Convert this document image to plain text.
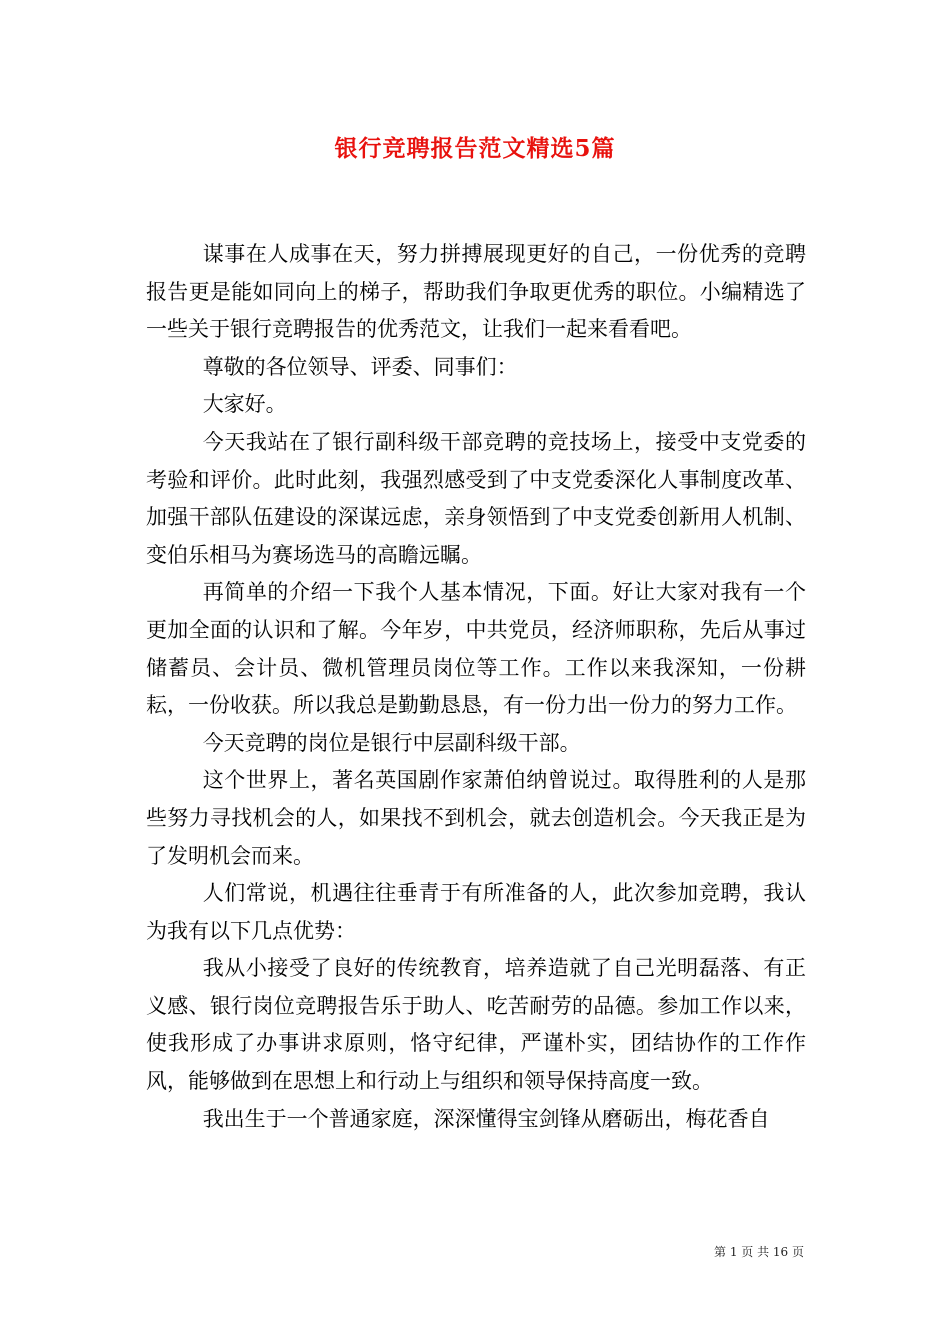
银行竞聘报告范文精选5篇

谋事在人成事在天，努力拼搏展现更好的自己，一份优秀的竞聘报告更是能如同向上的梯子，帮助我们争取更优秀的职位。小编精选了一些关于银行竞聘报告的优秀范文，让我们一起来看看吧。

尊敬的各位领导、评委、同事们：

大家好。

今天我站在了银行副科级干部竞聘的竞技场上，接受中支党委的考验和评价。此时此刻，我强烈感受到了中支党委深化人事制度改革、加强干部队伍建设的深谋远虑，亲身领悟到了中支党委创新用人机制、变伯乐相马为赛场选马的高瞻远瞩。

再简单的介绍一下我个人基本情况，下面。好让大家对我有一个更加全面的认识和了解。今年岁，中共党员，经济师职称，先后从事过储蓄员、会计员、微机管理员岗位等工作。工作以来我深知，一份耕耘，一份收获。所以我总是勤勤恳恳，有一份力出一份力的努力工作。

今天竞聘的岗位是银行中层副科级干部。

这个世界上，著名英国剧作家萧伯纳曾说过。取得胜利的人是那些努力寻找机会的人，如果找不到机会，就去创造机会。今天我正是为了发明机会而来。

人们常说，机遇往往垂青于有所准备的人，此次参加竞聘，我认为我有以下几点优势：

我从小接受了良好的传统教育，培养造就了自己光明磊落、有正义感、银行岗位竞聘报告乐于助人、吃苦耐劳的品德。参加工作以来，使我形成了办事讲求原则，恪守纪律，严谨朴实，团结协作的工作作风，能够做到在思想上和行动上与组织和领导保持高度一致。

我出生于一个普通家庭，深深懂得宝剑锋从磨砺出，梅花香自

第 1 页 共 16 页
